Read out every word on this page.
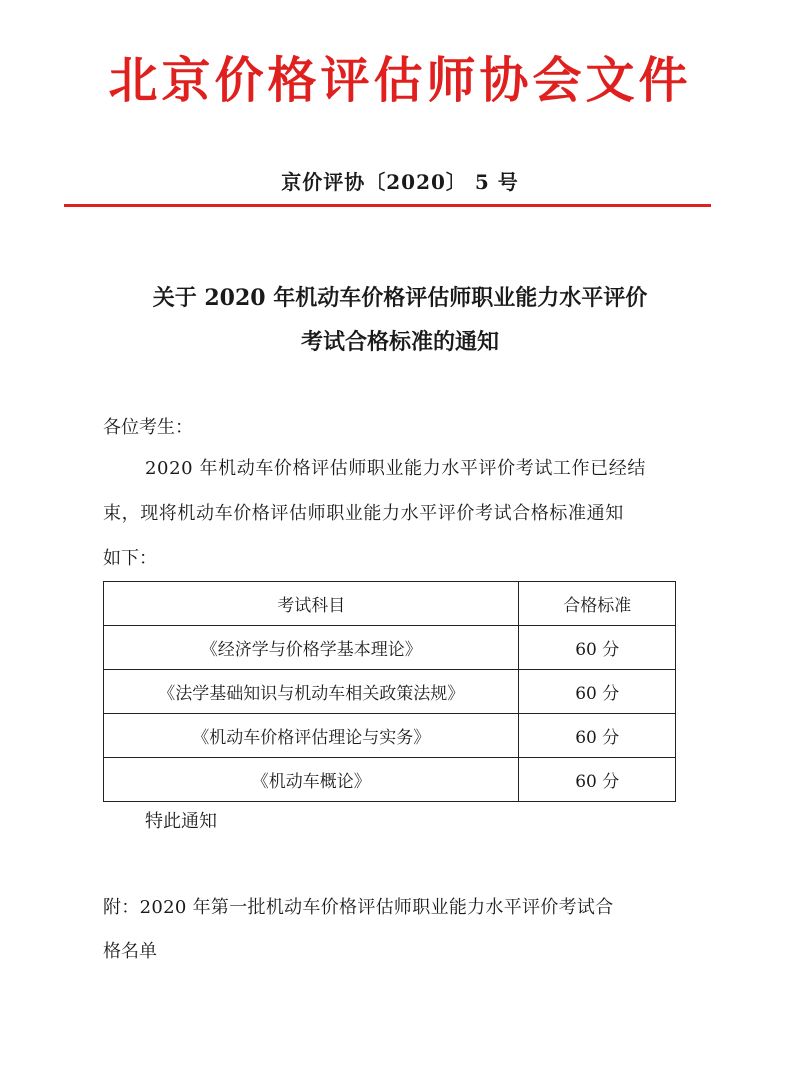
北京价格评估师协会文件
京价评协〔2020〕 5 号
关于 2020 年机动车价格评估师职业能力水平评价
考试合格标准的通知
各位考生：
2020 年机动车价格评估师职业能力水平评价考试工作已经结
束，现将机动车价格评估师职业能力水平评价考试合格标准通知
如下：
考试科目	合格标准
《经济学与价格学基本理论》	60 分
《法学基础知识与机动车相关政策法规》	60 分
《机动车价格评估理论与实务》	60 分
《机动车概论》	60 分
特此通知
附：2020 年第一批机动车价格评估师职业能力水平评价考试合
格名单
